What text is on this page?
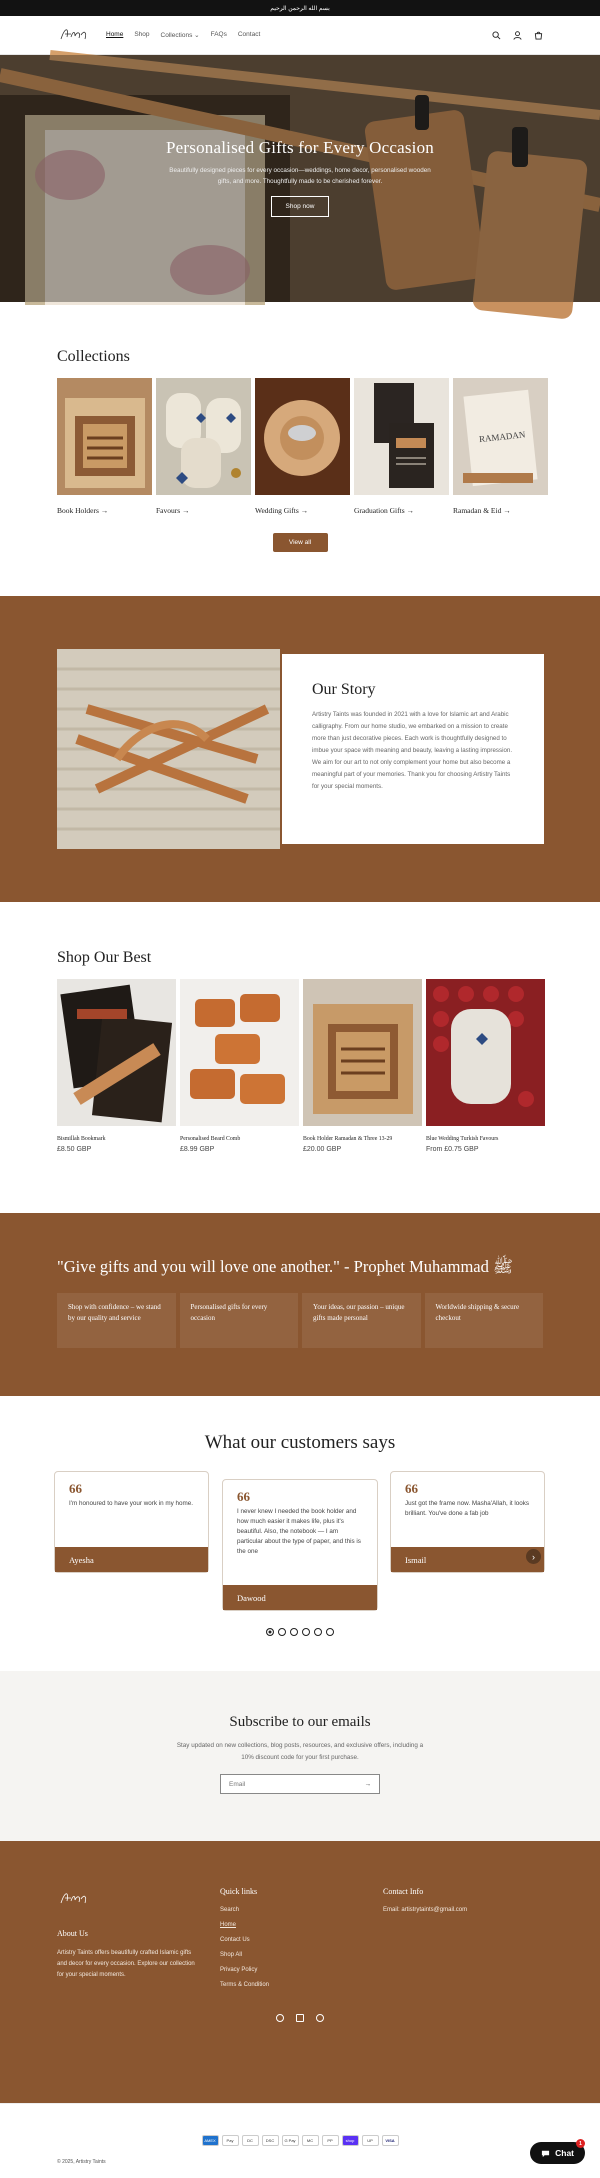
بسم الله الرحمن الرحيم
Home Shop Collections ⌄ FAQs Contact
Personalised Gifts for Every Occasion

Beautifully designed pieces for every occasion—weddings, home decor, personalised wooden gifts, and more. Thoughtfully made to be cherished forever.

Shop now
Collections
Book Holders →	Favours →	Wedding Gifts →	Graduation Gifts →
RAMADAN
Ramadan & Eid →
View all
Our Story

Artistry Taints was founded in 2021 with a love for Islamic art and Arabic calligraphy. From our home studio, we embarked on a mission to create more than just decorative pieces. Each work is thoughtfully designed to imbue your space with meaning and beauty, leaving a lasting impression. We aim for our art to not only complement your home but also become a meaningful part of your memories. Thank you for choosing Artistry Taints for your special moments.

Shop Our Best
Bismillah Bookmark
£8.50 GBP
Personalised Beard Comb
£8.99 GBP
Book Holder Ramadan & Three 13-29
£20.00 GBP
Blue Wedding Turkish Favours
From £0.75 GBP
"Give gifts and you will love one another." - Prophet Muhammad ﷺ
Shop with confidence – we stand by our quality and service
Personalised gifts for every occasion
Your ideas, our passion – unique gifts made personal
Worldwide shipping & secure checkout
What our customers says
66
I'm honoured to have your work in my home.
Ayesha
66
I never knew I needed the book holder and how much easier it makes life, plus it's beautiful. Also, the notebook — I am particular about the type of paper, and this is the one
Dawood
66
Just got the frame now. Masha'Allah, it looks brilliant. You've done a fab job
Ismail	›
Subscribe to our emails

Stay updated on new collections, blog posts, resources, and exclusive offers, including a 10% discount code for your first purchase.

Email	→
About Us
Artistry Taints offers beautifully crafted Islamic gifts and decor for every occasion. Explore our collection for your special moments.
Quick links
Search
Home
Contact Us
Shop All
Privacy Policy
Terms & Condition
Contact Info
Email: artistrytaints@gmail.com
AMEX	Pay	DC	DSC	G Pay	MC	PP	shop	UP	VISA
© 2025, Artistry Taints
Chat
1
